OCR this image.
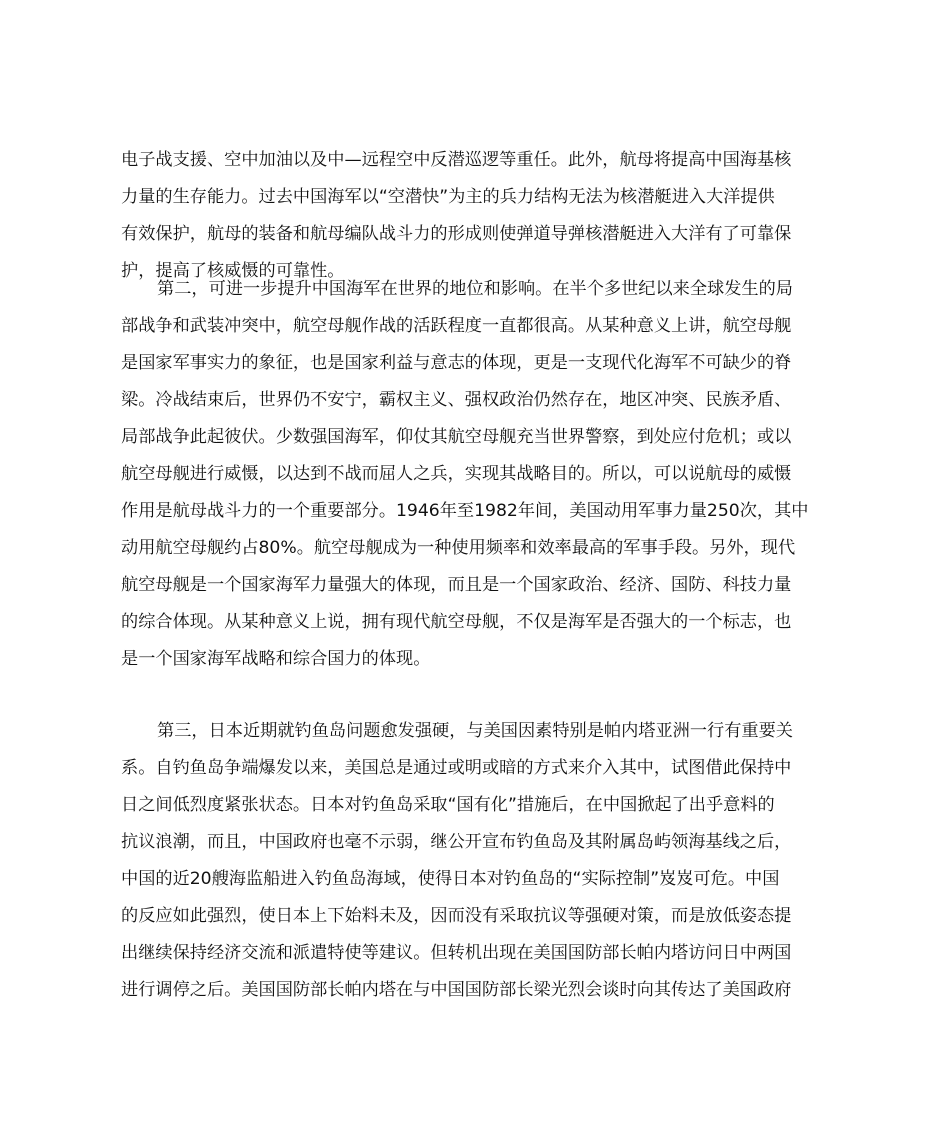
电子战支援、空中加油以及中—远程空中反潜巡逻等重任。此外，航母将提高中国海基核
力量的生存能力。过去中国海军以“空潜快”为主的兵力结构无法为核潜艇进入大洋提供
有效保护，航母的装备和航母编队战斗力的形成则使弹道导弹核潜艇进入大洋有了可靠保
护，提高了核威慑的可靠性。
第二，可进一步提升中国海军在世界的地位和影响。在半个多世纪以来全球发生的局
部战争和武装冲突中，航空母舰作战的活跃程度一直都很高。从某种意义上讲，航空母舰
是国家军事实力的象征，也是国家利益与意志的体现，更是一支现代化海军不可缺少的脊
梁。冷战结束后，世界仍不安宁，霸权主义、强权政治仍然存在，地区冲突、民族矛盾、
局部战争此起彼伏。少数强国海军，仰仗其航空母舰充当世界警察，到处应付危机；或以
航空母舰进行威慑，以达到不战而屈人之兵，实现其战略目的。所以，可以说航母的威慑
作用是航母战斗力的一个重要部分。1946年至1982年间，美国动用军事力量250次，其中
动用航空母舰约占80%。航空母舰成为一种使用频率和效率最高的军事手段。另外，现代
航空母舰是一个国家海军力量强大的体现，而且是一个国家政治、经济、国防、科技力量
的综合体现。从某种意义上说，拥有现代航空母舰，不仅是海军是否强大的一个标志，也
是一个国家海军战略和综合国力的体现。
第三，日本近期就钓鱼岛问题愈发强硬，与美国因素特别是帕内塔亚洲一行有重要关
系。自钓鱼岛争端爆发以来，美国总是通过或明或暗的方式来介入其中，试图借此保持中
日之间低烈度紧张状态。日本对钓鱼岛采取“国有化”措施后，在中国掀起了出乎意料的
抗议浪潮，而且，中国政府也毫不示弱，继公开宣布钓鱼岛及其附属岛屿领海基线之后，
中国的近20艘海监船进入钓鱼岛海域，使得日本对钓鱼岛的“实际控制”岌岌可危。中国
的反应如此强烈，使日本上下始料未及，因而没有采取抗议等强硬对策，而是放低姿态提
出继续保持经济交流和派遣特使等建议。但转机出现在美国国防部长帕内塔访问日中两国
进行调停之后。美国国防部长帕内塔在与中国国防部长梁光烈会谈时向其传达了美国政府
